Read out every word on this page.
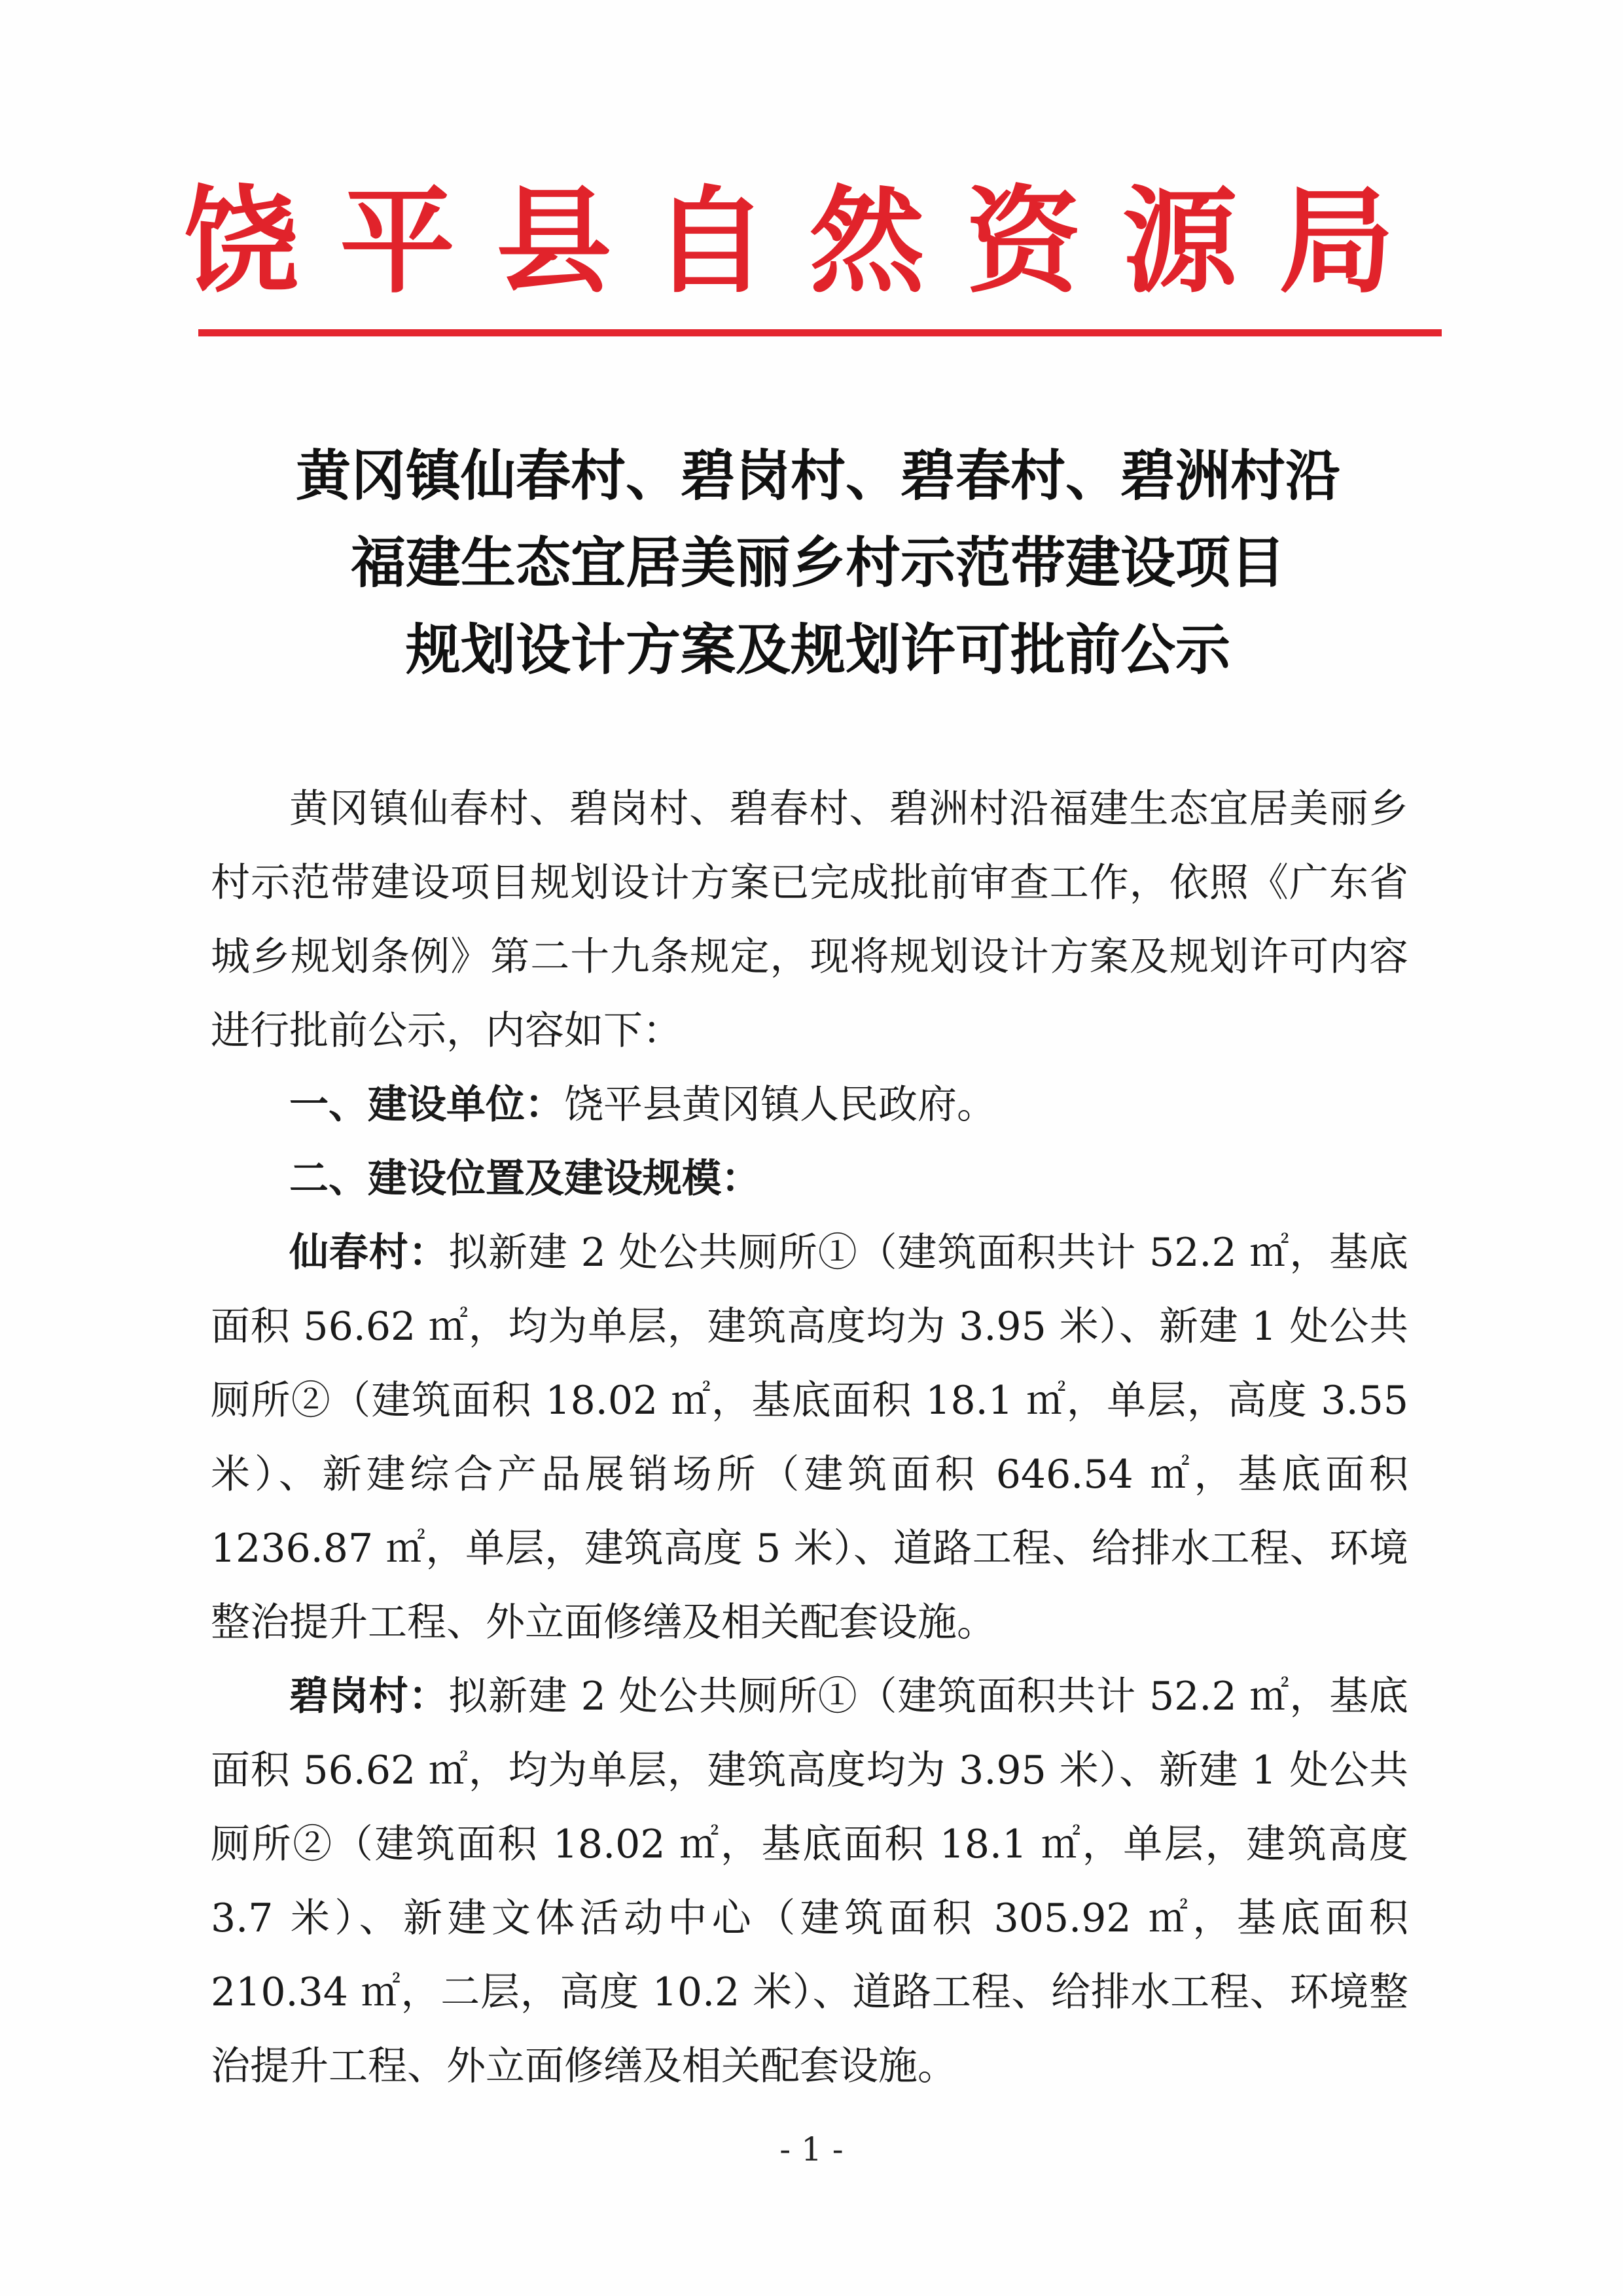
饶 平 县 自 然 资 源 局
黄冈镇仙春村、碧岗村、碧春村、碧洲村沿
福建生态宜居美丽乡村示范带建设项目
规划设计方案及规划许可批前公示

黄冈镇仙春村、碧岗村、碧春村、碧洲村沿福建生态宜居美丽乡村示范带建设项目规划设计方案已完成批前审查工作，依照《广东省城乡规划条例》第二十九条规定，现将规划设计方案及规划许可内容进行批前公示，内容如下：

一、建设单位：饶平县黄冈镇人民政府。

二、建设位置及建设规模：

仙春村：拟新建 2 处公共厕所①（建筑面积共计 52.2 ㎡，基底面积 56.62 ㎡，均为单层，建筑高度均为 3.95 米）、新建 1 处公共厕所②（建筑面积 18.02 ㎡，基底面积 18.1 ㎡，单层，高度 3.55 米）、新建综合产品展销场所（建筑面积 646.54 ㎡，基底面积 1236.87 ㎡，单层，建筑高度 5 米）、道路工程、给排水工程、环境整治提升工程、外立面修缮及相关配套设施。

碧岗村：拟新建 2 处公共厕所①（建筑面积共计 52.2 ㎡，基底面积 56.62 ㎡，均为单层，建筑高度均为 3.95 米）、新建 1 处公共厕所②（建筑面积 18.02 ㎡，基底面积 18.1 ㎡，单层，建筑高度 3.7 米）、新建文体活动中心（建筑面积 305.92 ㎡，基底面积 210.34 ㎡，二层，高度 10.2 米）、道路工程、给排水工程、环境整治提升工程、外立面修缮及相关配套设施。

- 1 -
